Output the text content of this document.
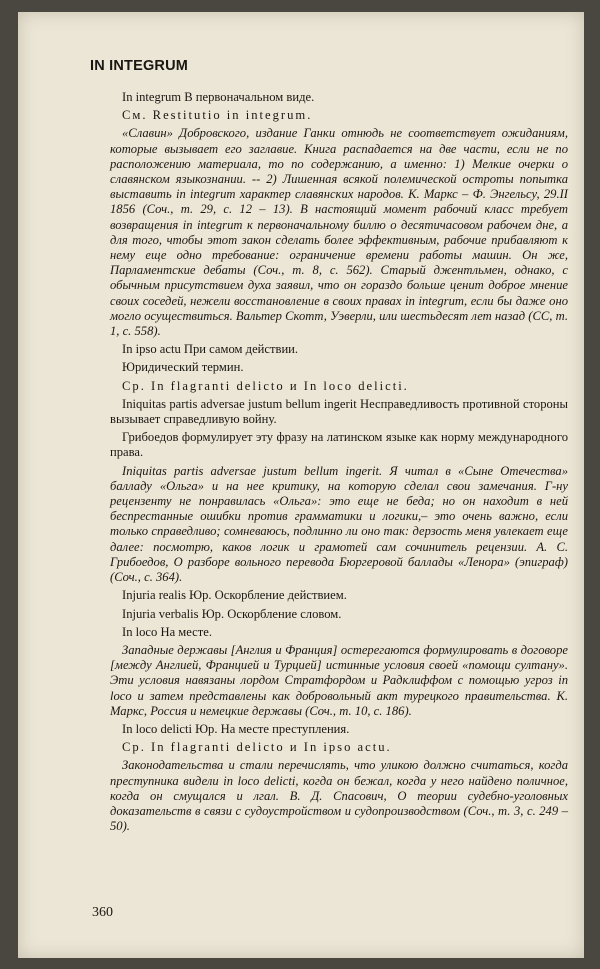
IN INTEGRUM

In integrum В первоначальном виде.

См. Restitutio in integrum.

«Славин» Добровского, издание Ганки отнюдь не соответствует ожиданиям, которые вызывает его заглавие. Книга распадается на две части, если не по расположению материала, то по содержанию, а именно: 1) Мелкие очерки о славянском языкознании. -- 2) Лишенная всякой полемической остроты попытка выставить in integrum характер славянских народов. К. Маркс – Ф. Энгельсу, 29.II 1856 (Соч., т. 29, с. 12 – 13). В настоящий момент рабочий класс требует возвращения in integrum к первоначальному биллю о десятичасовом рабочем дне, а для того, чтобы этот закон сделать более эффективным, рабочие прибавляют к нему еще одно требование: ограничение времени работы машин. Он же, Парламентские дебаты (Соч., т. 8, с. 562). Старый джентльмен, однако, с обычным присутствием духа заявил, что он гораздо больше ценит доброе мнение своих соседей, нежели восстановление в своих правах in integrum, если бы даже оно могло осуществиться. Вальтер Скотт, Уэверли, или шестьдесят лет назад (СС, т. 1, с. 558).

In ipso actu При самом действии.

Юридический термин.

Ср. In flagranti delicto и In loco delicti.

Iniquitas partis adversae justum bellum ingerit Несправедливость противной стороны вызывает справедливую войну.

Грибоедов формулирует эту фразу на латинском языке как норму международного права.

Iniquitas partis adversae justum bellum ingerit. Я читал в «Сыне Отечества» балладу «Ольга» и на нее критику, на которую сделал свои замечания. Г-ну рецензенту не понравилась «Ольга»: это еще не беда; но он находит в ней беспрестанные ошибки против грамматики и логики,– это очень важно, если только справедливо; сомневаюсь, подлинно ли оно так: дерзость меня увлекает еще далее: посмотрю, каков логик и грамотей сам сочинитель рецензии. А. С. Грибоедов, О разборе вольного перевода Бюргеровой баллады «Ленора» (эпиграф) (Соч., с. 364).

Injuria realis Юр. Оскорбление действием.

Injuria verbalis Юр. Оскорбление словом.

In loco На месте.

Западные державы [Англия и Франция] остерегаются формулировать в договоре [между Англией, Францией и Турцией] истинные условия своей «помощи султану». Эти условия навязаны лордом Стратфордом и Радклиффом с помощью угроз in loco и затем представлены как добровольный акт турецкого правительства. К. Маркс, Россия и немецкие державы (Соч., т. 10, с. 186).

In loco delicti Юр. На месте преступления.

Ср. In flagranti delicto и In ipso actu.

Законодательства и стали перечислять, что уликою должно считаться, когда преступника видели in loco delicti, когда он бежал, когда у него найдено поличное, когда он смущался и лгал. В. Д. Спасович, О теории судебно-уголовных доказательств в связи с судоустройством и судопроизводством (Соч., т. 3, с. 249 – 50).

360
